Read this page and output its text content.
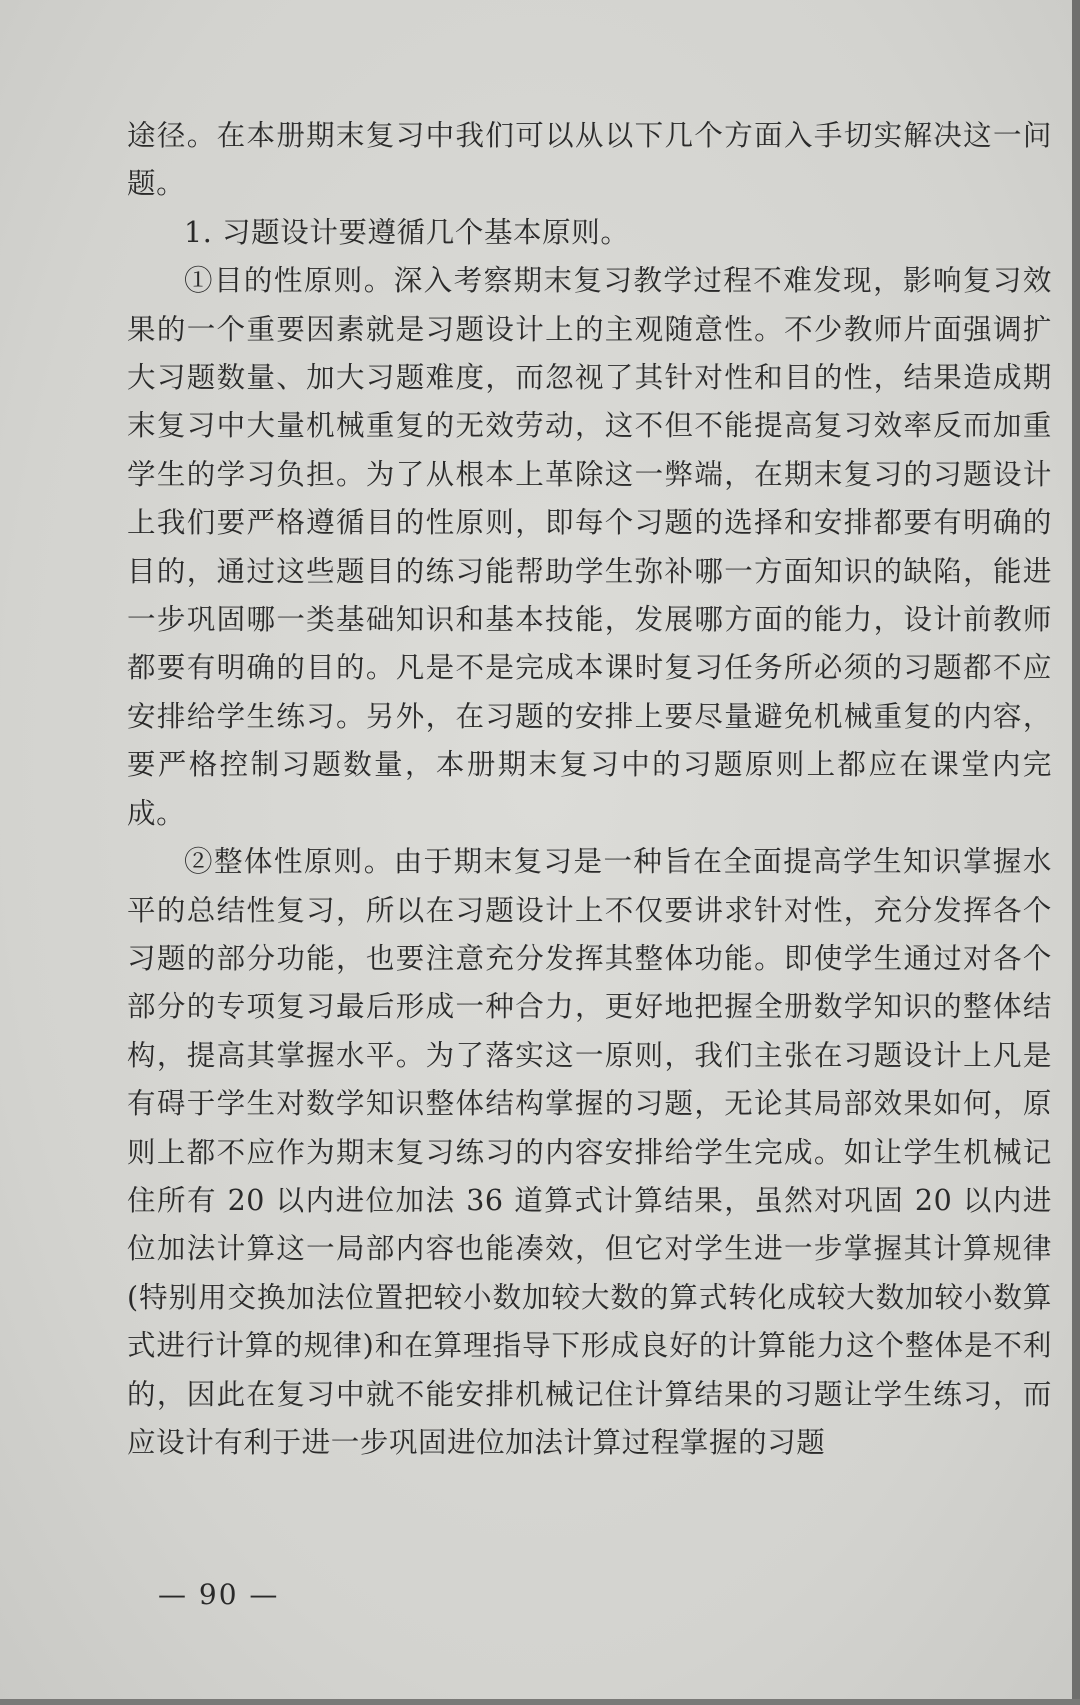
途径。在本册期末复习中我们可以从以下几个方面入手切实解决这一问题。

1. 习题设计要遵循几个基本原则。

①目的性原则。深入考察期末复习教学过程不难发现，影响复习效果的一个重要因素就是习题设计上的主观随意性。不少教师片面强调扩大习题数量、加大习题难度，而忽视了其针对性和目的性，结果造成期末复习中大量机械重复的无效劳动，这不但不能提高复习效率反而加重学生的学习负担。为了从根本上革除这一弊端，在期末复习的习题设计上我们要严格遵循目的性原则，即每个习题的选择和安排都要有明确的目的，通过这些题目的练习能帮助学生弥补哪一方面知识的缺陷，能进一步巩固哪一类基础知识和基本技能，发展哪方面的能力，设计前教师都要有明确的目的。凡是不是完成本课时复习任务所必须的习题都不应安排给学生练习。另外，在习题的安排上要尽量避免机械重复的内容，要严格控制习题数量，本册期末复习中的习题原则上都应在课堂内完成。

②整体性原则。由于期末复习是一种旨在全面提高学生知识掌握水平的总结性复习，所以在习题设计上不仅要讲求针对性，充分发挥各个习题的部分功能，也要注意充分发挥其整体功能。即使学生通过对各个部分的专项复习最后形成一种合力，更好地把握全册数学知识的整体结构，提高其掌握水平。为了落实这一原则，我们主张在习题设计上凡是有碍于学生对数学知识整体结构掌握的习题，无论其局部效果如何，原则上都不应作为期末复习练习的内容安排给学生完成。如让学生机械记住所有 20 以内进位加法 36 道算式计算结果，虽然对巩固 20 以内进位加法计算这一局部内容也能凑效，但它对学生进一步掌握其计算规律(特别用交换加法位置把较小数加较大数的算式转化成较大数加较小数算式进行计算的规律)和在算理指导下形成良好的计算能力这个整体是不利的，因此在复习中就不能安排机械记住计算结果的习题让学生练习，而应设计有利于进一步巩固进位加法计算过程掌握的习题

— 90 —
